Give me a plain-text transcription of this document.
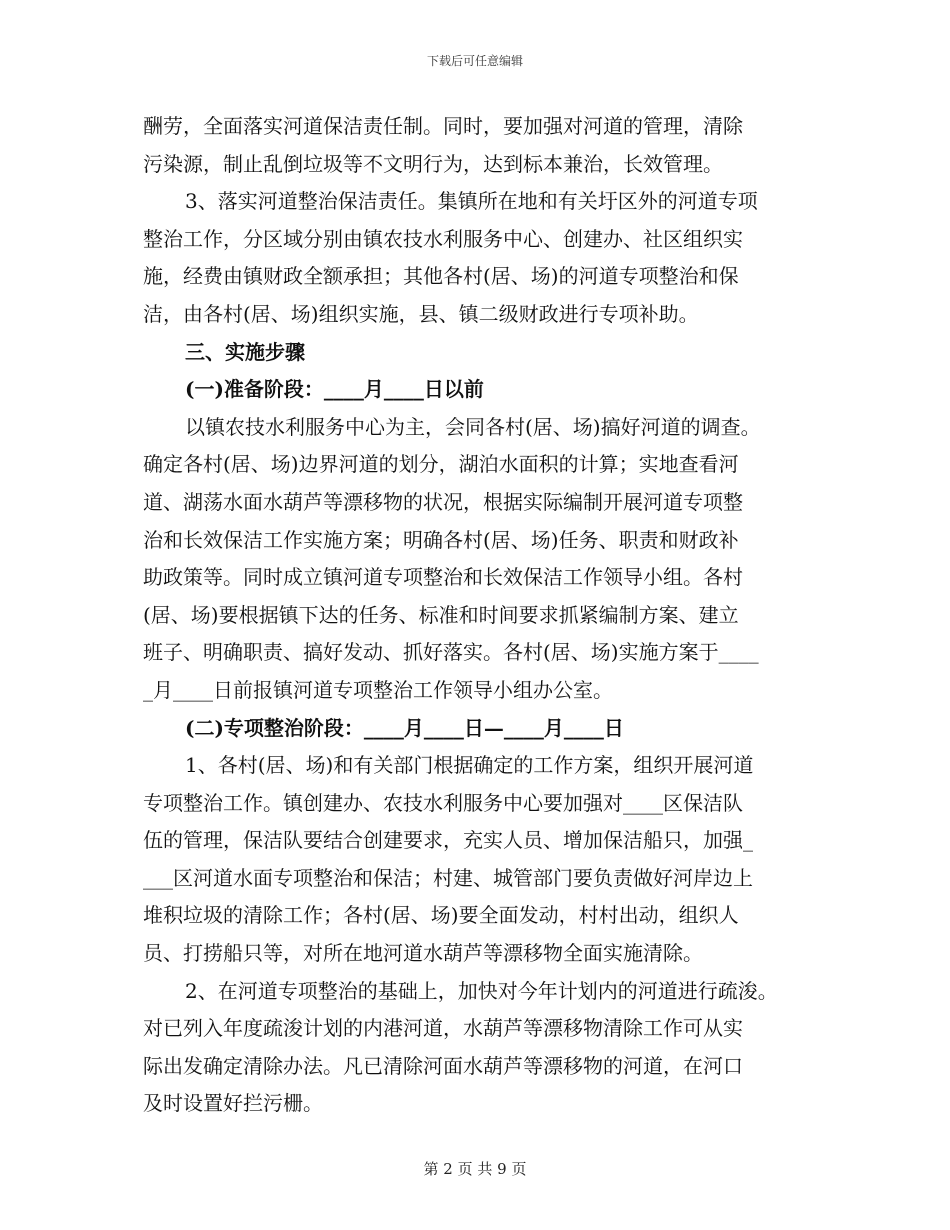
下载后可任意编辑
酬劳，全面落实河道保洁责任制。同时，要加强对河道的管理，清除
污染源，制止乱倒垃圾等不文明行为，达到标本兼治，长效管理。
3、落实河道整治保洁责任。集镇所在地和有关圩区外的河道专项
整治工作，分区域分别由镇农技水利服务中心、创建办、社区组织实
施，经费由镇财政全额承担；其他各村(居、场)的河道专项整治和保
洁，由各村(居、场)组织实施，县、镇二级财政进行专项补助。
三、实施步骤
(一)准备阶段：____月____日以前
以镇农技水利服务中心为主，会同各村(居、场)搞好河道的调查。
确定各村(居、场)边界河道的划分，湖泊水面积的计算；实地查看河
道、湖荡水面水葫芦等漂移物的状况，根据实际编制开展河道专项整
治和长效保洁工作实施方案；明确各村(居、场)任务、职责和财政补
助政策等。同时成立镇河道专项整治和长效保洁工作领导小组。各村
(居、场)要根据镇下达的任务、标准和时间要求抓紧编制方案、建立
班子、明确职责、搞好发动、抓好落实。各村(居、场)实施方案于____
_月____日前报镇河道专项整治工作领导小组办公室。
(二)专项整治阶段：____月____日—____月____日
1、各村(居、场)和有关部门根据确定的工作方案，组织开展河道
专项整治工作。镇创建办、农技水利服务中心要加强对____区保洁队
伍的管理，保洁队要结合创建要求，充实人员、增加保洁船只，加强_
___区河道水面专项整治和保洁；村建、城管部门要负责做好河岸边上
堆积垃圾的清除工作；各村(居、场)要全面发动，村村出动，组织人
员、打捞船只等，对所在地河道水葫芦等漂移物全面实施清除。
2、在河道专项整治的基础上，加快对今年计划内的河道进行疏浚。
对已列入年度疏浚计划的内港河道，水葫芦等漂移物清除工作可从实
际出发确定清除办法。凡已清除河面水葫芦等漂移物的河道，在河口
及时设置好拦污栅。
第 2 页 共 9 页
